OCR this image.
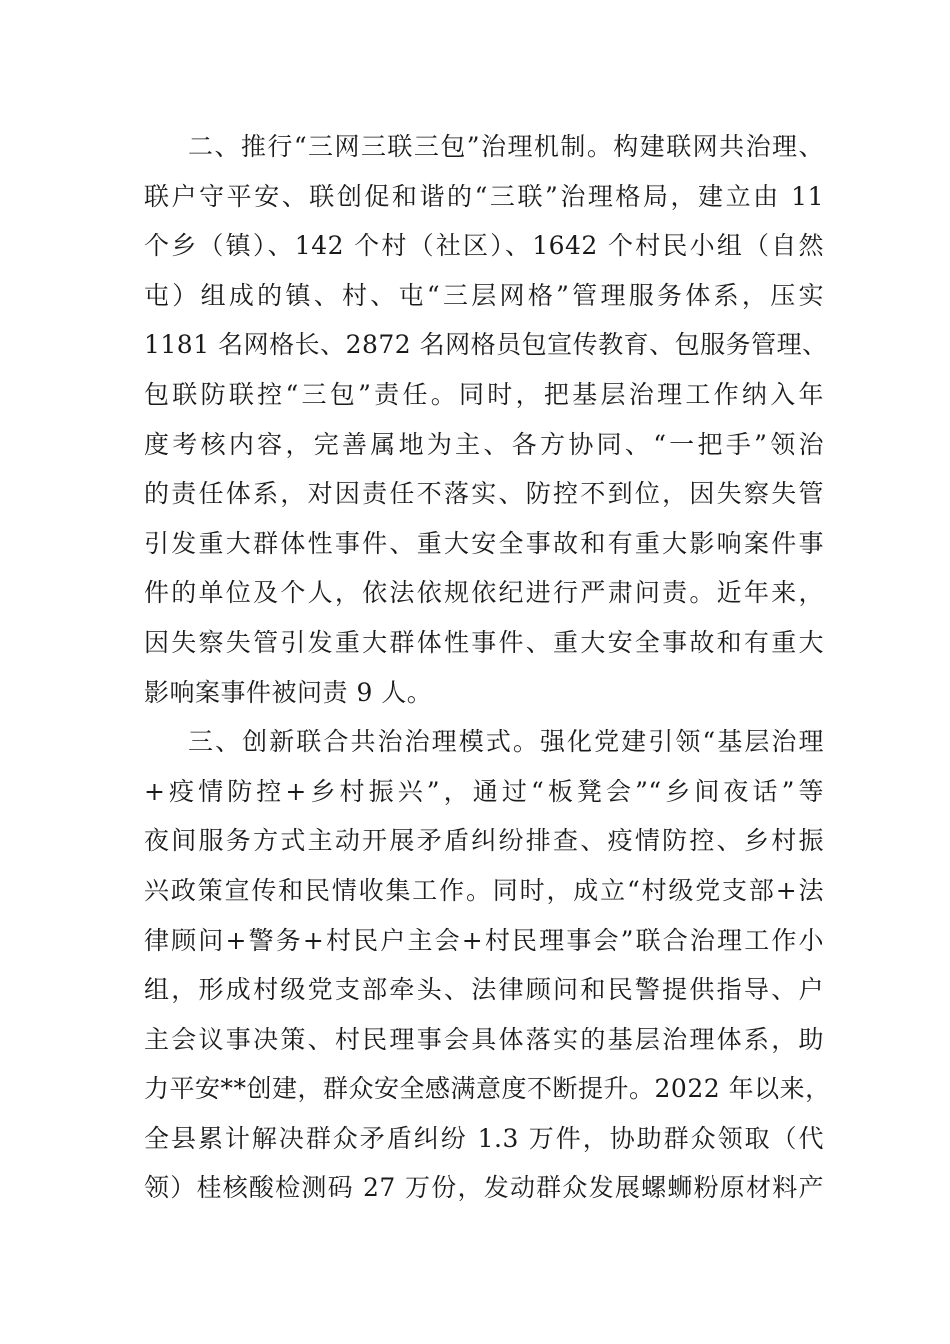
二、推行“三网三联三包”治理机制。构建联网共治理、
联户守平安、联创促和谐的“三联”治理格局，建立由 11
个乡（镇）、142 个村（社区）、1642 个村民小组（自然
屯）组成的镇、村、屯“三层网格”管理服务体系，压实
1181 名网格长、2872 名网格员包宣传教育、包服务管理、
包联防联控“三包”责任。同时，把基层治理工作纳入年
度考核内容，完善属地为主、各方协同、“一把手”领治
的责任体系，对因责任不落实、防控不到位，因失察失管
引发重大群体性事件、重大安全事故和有重大影响案件事
件的单位及个人，依法依规依纪进行严肃问责。近年来，
因失察失管引发重大群体性事件、重大安全事故和有重大
影响案事件被问责 9 人。
三、创新联合共治治理模式。强化党建引领“基层治理
+疫情防控+乡村振兴”，通过“板凳会”“乡间夜话”等
夜间服务方式主动开展矛盾纠纷排查、疫情防控、乡村振
兴政策宣传和民情收集工作。同时，成立“村级党支部+法
律顾问+警务+村民户主会+村民理事会”联合治理工作小
组，形成村级党支部牵头、法律顾问和民警提供指导、户
主会议事决策、村民理事会具体落实的基层治理体系，助
力平安**创建，群众安全感满意度不断提升。2022 年以来，
全县累计解决群众矛盾纠纷 1.3 万件，协助群众领取（代
领）桂核酸检测码 27 万份，发动群众发展螺蛳粉原材料产
